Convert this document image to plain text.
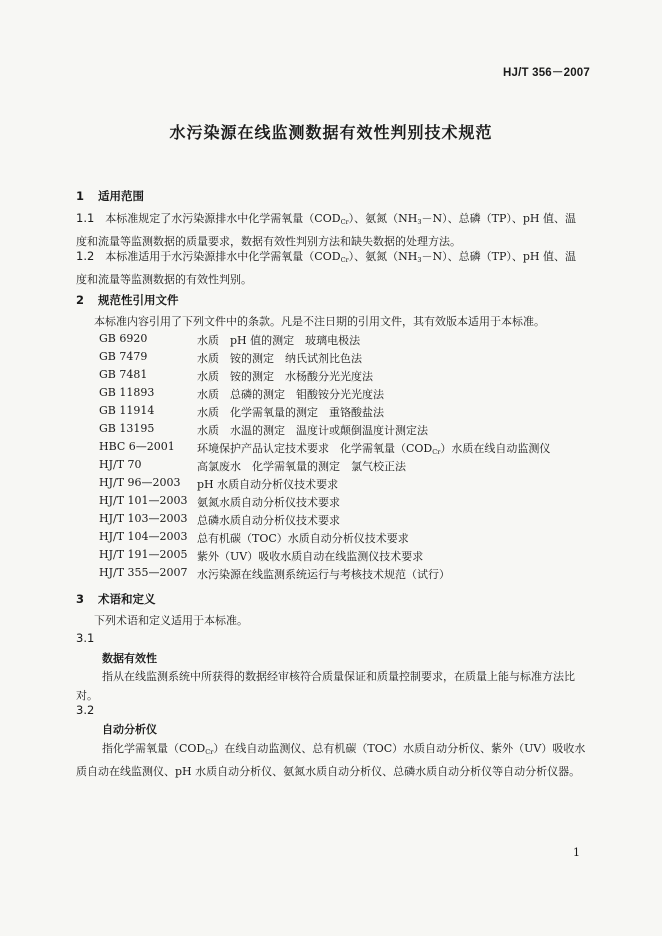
HJ/T 356－2007
水污染源在线监测数据有效性判别技术规范
1 适用范围
1.1　 本标准规定了水污染源排水中化学需氧量$(COD_{Cr})$、氨氮$(NH_3-N)$、总磷（TP）、pH 值、温度和流量等监测数据的质量要求，数据有效性判别方法和缺失数据的处理方法。
1.2　 本标准适用于水污染源排水中化学需氧量$(COD_{Cr})$、氨氮$(NH_3-N)$、总磷（TP）、pH 值、温度和流量等监测数据的有效性判别。
2 规范性引用文件
本标准内容引用了下列文件中的条款。凡是不注日期的引用文件，其有效版本适用于本标准。
GB 6920	水质　pH 值的测定　玻璃电极法
GB 7479	水质　铵的测定　纳氏试剂比色法
GB 7481	水质　铵的测定　水杨酸分光光度法
GB 11893	水质　总磷的测定　钼酸铵分光光度法
GB 11914	水质　化学需氧量的测定　重铬酸盐法
GB 13195	水质　水温的测定　温度计或颠倒温度计测定法
HBC 6—2001 环境保护产品认定技术要求　化学需氧量$(COD_{Cr})$水质在线自动监测仪
HJ/T 70	高氯废水　化学需氧量的测定　氯气校正法
HJ/T 96—2003 pH 水质自动分析仪技术要求
HJ/T 101—2003 氨氮水质自动分析仪技术要求
HJ/T 103—2003 总磷水质自动分析仪技术要求
HJ/T 104—2003 总有机碳（TOC）水质自动分析仪技术要求
HJ/T 191—2005 紫外（UV）吸收水质自动在线监测仪技术要求
HJ/T 355—2007 水污染源在线监测系统运行与考核技术规范（试行）
3 术语和定义
下列术语和定义适用于本标准。
3.1
数据有效性
指从在线监测系统中所获得的数据经审核符合质量保证和质量控制要求，在质量上能与标准方法比对。
3.2
自动分析仪
指化学需氧量$(COD_{Cr})$在线自动监测仪、总有机碳（TOC）水质自动分析仪、紫外（UV）吸收水质自动在线监测仪、pH 水质自动分析仪、氨氮水质自动分析仪、总磷水质自动分析仪等自动分析仪器。
1
